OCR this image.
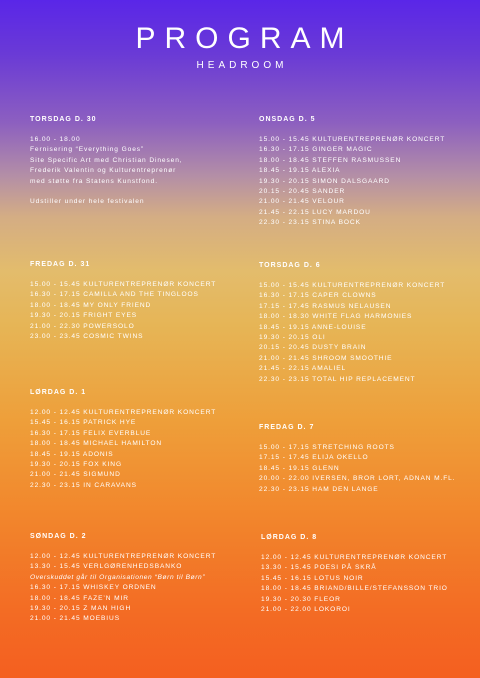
PROGRAM
HEADROOM
TORSDAG D. 30
16.00 - 18.00
Fernisering “Everything Goes”
Site Specific Art med Christian Dinesen,
Frederik Valentin og Kulturentreprenør
med støtte fra Statens Kunstfond.
Udstiller under hele festivalen
FREDAG D. 31
15.00 - 15.45 KULTURENTREPRENØR KONCERT
16.30 - 17.15 CAMILLA AND THE TINGLOOS
18.00 - 18.45 MY ONLY FRIEND
19.30 - 20.15 FRIGHT EYES
21.00 - 22.30 POWERSOLO
23.00 - 23.45 COSMIC TWINS
LØRDAG D. 1
12.00 - 12.45 KULTURENTREPRENØR KONCERT
15.45 - 16.15 PATRICK HYE
16.30 - 17.15 FELIX EVERBLUE
18.00 - 18.45 MICHAEL HAMILTON
18.45 - 19.15 ADONIS
19.30 - 20.15 FOX KING
21.00 - 21.45 SIGMUND
22.30 - 23.15 IN CARAVANS
SØNDAG D. 2
12.00 - 12.45 KULTURENTREPRENØR KONCERT
13.30 - 15.45 VERLGØRENHEDSBANKO
Overskuddet går til Organisationen “Børn til Børn”
16.30 - 17.15 WHISKEY ORDNEN
18.00 - 18.45 FAZE’N MIR
19.30 - 20.15 Z MAN HIGH
21.00 - 21.45 MOEBIUS
ONSDAG D. 5
15.00 - 15.45 KULTURENTREPRENØR KONCERT
16.30 - 17.15 GINGER MAGIC
18.00 - 18.45 STEFFEN RASMUSSEN
18.45 - 19.15 ALEXIA
19.30 - 20.15 SIMON DALSGAARD
20.15 - 20.45 SANDER
21.00 - 21.45 VELOUR
21.45 - 22.15 LUCY MARDOU
22.30 - 23.15 STINA BOCK
TORSDAG D. 6
15.00 - 15.45 KULTURENTREPRENØR KONCERT
16.30 - 17.15 CAPER CLOWNS
17.15 - 17.45 RASMUS NELAUSEN
18.00 - 18.30 WHITE FLAG HARMONIES
18.45 - 19.15 ANNE-LOUISE
19.30 - 20.15 OLI
20.15 - 20.45 DUSTY BRAIN
21.00 - 21.45 SHROOM SMOOTHIE
21.45 - 22.15 AMALIEL
22.30 - 23.15 TOTAL HIP REPLACEMENT
FREDAG D. 7
15.00 - 17.15 STRETCHING ROOTS
17.15 - 17.45 ELIJA OKELLO
18.45 - 19.15 GLENN
20.00 - 22.00 IVERSEN, BROR LORT, ADNAN M.FL.
22.30 - 23.15 HAM DEN LANGE
LØRDAG D. 8
12.00 - 12.45 KULTURENTREPRENØR KONCERT
13.30 - 15.45 POESI PÅ SKRÅ
15.45 - 16.15 LOTUS NOIR
18.00 - 18.45 BRIAND/BILLE/STEFANSSON TRIO
19.30 - 20.30 FLEOR
21.00 - 22.00 LOKOROI
